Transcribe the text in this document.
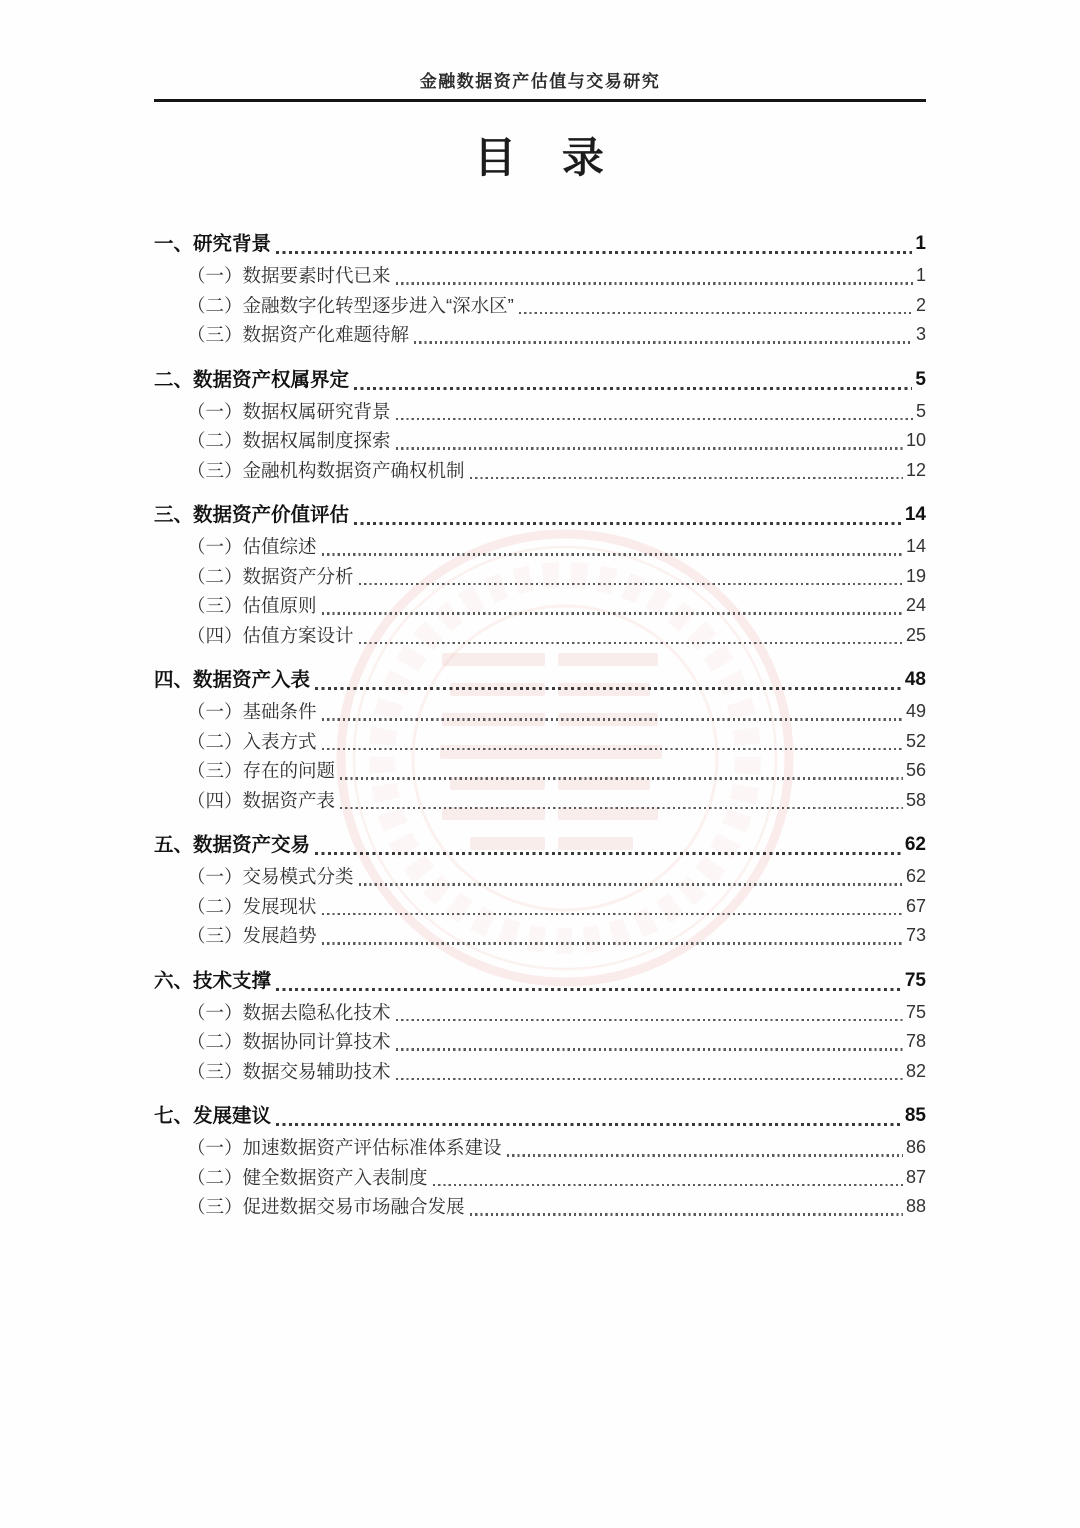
金融数据资产估值与交易研究
目 录
一、研究背景	1
（一）数据要素时代已来	1
（二）金融数字化转型逐步进入“深水区”	2
（三）数据资产化难题待解	3
二、数据资产权属界定	5
（一）数据权属研究背景	5
（二）数据权属制度探索	10
（三）金融机构数据资产确权机制	12
三、数据资产价值评估	14
（一）估值综述	14
（二）数据资产分析	19
（三）估值原则	24
（四）估值方案设计	25
四、数据资产入表	48
（一）基础条件	49
（二）入表方式	52
（三）存在的问题	56
（四）数据资产表	58
五、数据资产交易	62
（一）交易模式分类	62
（二）发展现状	67
（三）发展趋势	73
六、技术支撑	75
（一）数据去隐私化技术	75
（二）数据协同计算技术	78
（三）数据交易辅助技术	82
七、发展建议	85
（一）加速数据资产评估标准体系建设	86
（二）健全数据资产入表制度	87
（三）促进数据交易市场融合发展	88
